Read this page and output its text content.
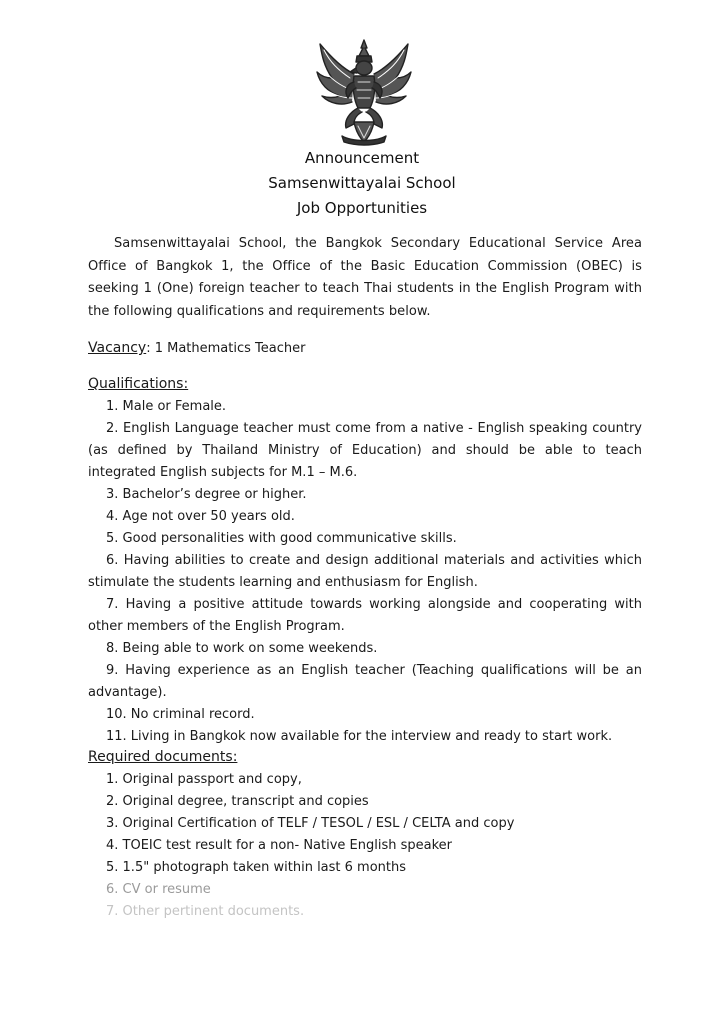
Announcement
Samsenwittayalai School
Job Opportunities
Samsenwittayalai School, the Bangkok Secondary Educational Service Area Office of Bangkok 1, the Office of the Basic Education Commission (OBEC) is seeking 1 (One) foreign teacher to teach Thai students in the English Program with the following qualifications and requirements below.
Vacancy: 1 Mathematics Teacher
Qualifications:
1. Male or Female.
2. English Language teacher must come from a native - English speaking country (as defined by Thailand Ministry of Education) and should be able to teach integrated English subjects for M.1 – M.6.
3. Bachelor’s degree or higher.
4. Age not over 50 years old.
5. Good personalities with good communicative skills.
6. Having abilities to create and design additional materials and activities which stimulate the students learning and enthusiasm for English.
7. Having a positive attitude towards working alongside and cooperating with other members of the English Program.
8. Being able to work on some weekends.
9. Having experience as an English teacher (Teaching qualifications will be an advantage).
10. No criminal record.
11. Living in Bangkok now available for the interview and ready to start work.
Required documents:
1. Original passport and copy,
2. Original degree, transcript and copies
3. Original Certification of TELF / TESOL / ESL / CELTA and copy
4. TOEIC test result for a non- Native English speaker
5. 1.5" photograph taken within last 6 months
6. CV or resume
7. Other pertinent documents.
